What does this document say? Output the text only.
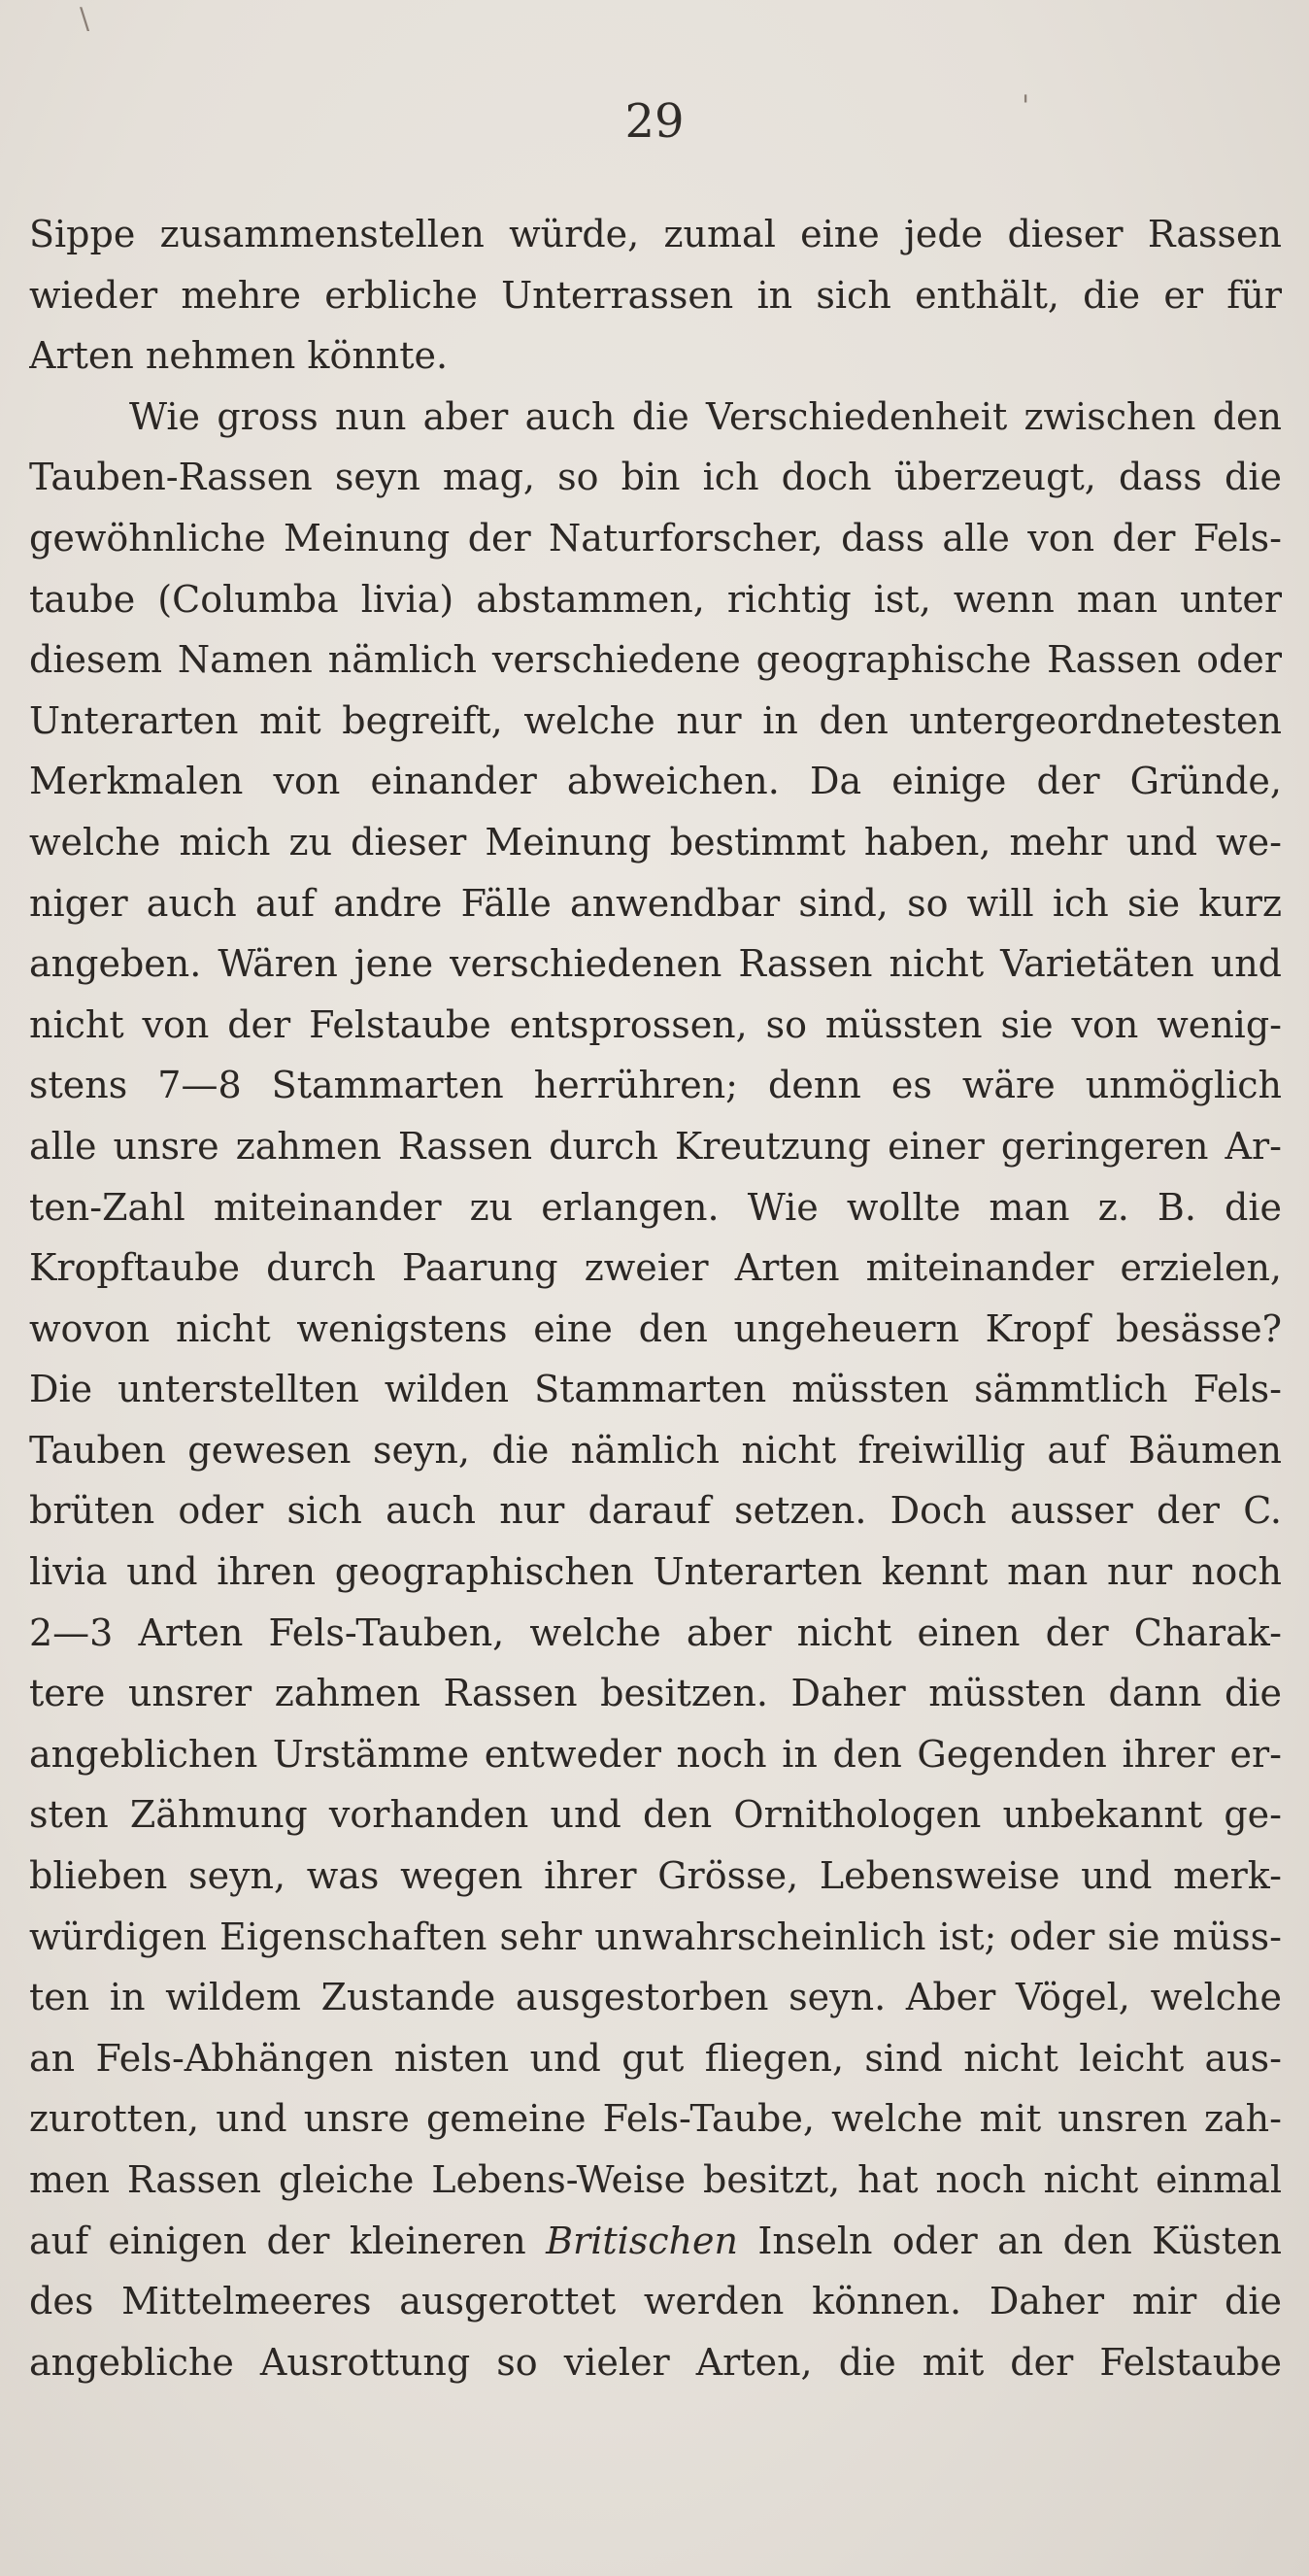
\
'
29
Sippe zusammenstellen würde, zumal eine jede dieser Rassen
wieder mehre erbliche Unterrassen in sich enthält, die er für
Arten nehmen könnte.
Wie gross nun aber auch die Verschiedenheit zwischen den
Tauben-Rassen seyn mag, so bin ich doch überzeugt, dass die
gewöhnliche Meinung der Naturforscher, dass alle von der Fels-
taube (Columba livia) abstammen, richtig ist, wenn man unter
diesem Namen nämlich verschiedene geographische Rassen oder
Unterarten mit begreift, welche nur in den untergeordnetesten
Merkmalen von einander abweichen. Da einige der Gründe,
welche mich zu dieser Meinung bestimmt haben, mehr und we-
niger auch auf andre Fälle anwendbar sind, so will ich sie kurz
angeben. Wären jene verschiedenen Rassen nicht Varietäten und
nicht von der Felstaube entsprossen, so müssten sie von wenig-
stens 7—8 Stammarten herrühren; denn es wäre unmöglich
alle unsre zahmen Rassen durch Kreutzung einer geringeren Ar-
ten-Zahl miteinander zu erlangen. Wie wollte man z. B. die
Kropftaube durch Paarung zweier Arten miteinander erzielen,
wovon nicht wenigstens eine den ungeheuern Kropf besässe?
Die unterstellten wilden Stammarten müssten sämmtlich Fels-
Tauben gewesen seyn, die nämlich nicht freiwillig auf Bäumen
brüten oder sich auch nur darauf setzen. Doch ausser der C.
livia und ihren geographischen Unterarten kennt man nur noch
2—3 Arten Fels-Tauben, welche aber nicht einen der Charak-
tere unsrer zahmen Rassen besitzen. Daher müssten dann die
angeblichen Urstämme entweder noch in den Gegenden ihrer er-
sten Zähmung vorhanden und den Ornithologen unbekannt ge-
blieben seyn, was wegen ihrer Grösse, Lebensweise und merk-
würdigen Eigenschaften sehr unwahrscheinlich ist; oder sie müss-
ten in wildem Zustande ausgestorben seyn. Aber Vögel, welche
an Fels-Abhängen nisten und gut fliegen, sind nicht leicht aus-
zurotten, und unsre gemeine Fels-Taube, welche mit unsren zah-
men Rassen gleiche Lebens-Weise besitzt, hat noch nicht einmal
auf einigen der kleineren Britischen Inseln oder an den Küsten
des Mittelmeeres ausgerottet werden können. Daher mir die
angebliche Ausrottung so vieler Arten, die mit der Felstaube
